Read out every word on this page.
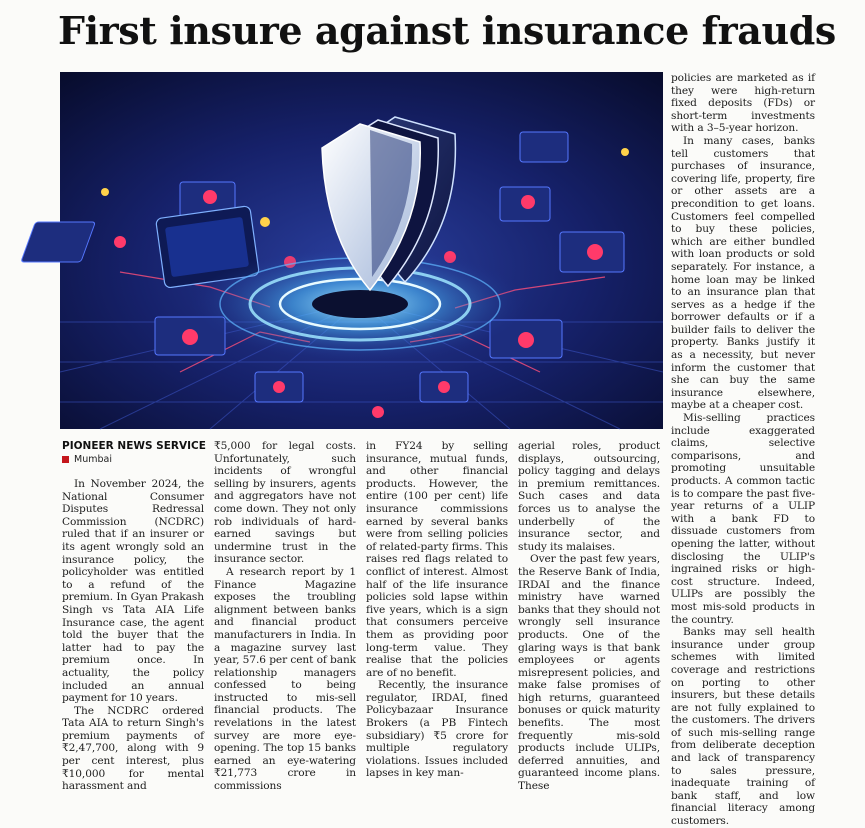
First insure against insurance frauds
PIONEER NEWS SERVICE
Mumbai

In November 2024, the National Consumer Disputes Redressal Commission (NCDRC) ruled that if an insurer or its agent wrongly sold an insurance policy, the policyholder was entitled to a refund of the premium. In Gyan Prakash Singh vs Tata AIA Life Insurance case, the agent told the buyer that the latter had to pay the premium once. In actuality, the policy included an annual payment for 10 years.

The NCDRC ordered Tata AIA to return Singh's premium payments of ₹2,47,700, along with 9 per cent interest, plus ₹10,000 for mental harassment and

₹5,000 for legal costs. Unfortunately, such incidents of wrongful selling by insurers, agents and aggregators have not come down. They not only rob individuals of hard-earned savings but undermine trust in the insurance sector.

A research report by 1 Finance Magazine exposes the troubling alignment between banks and financial product manufacturers in India. In a magazine survey last year, 57.6 per cent of bank relationship managers confessed to being instructed to mis-sell financial products. The revelations in the latest survey are more eye-opening. The top 15 banks earned an eye-watering ₹21,773 crore in commissions

in FY24 by selling insurance, mutual funds, and other financial products. However, the entire (100 per cent) life insurance commissions earned by several banks were from selling policies of related-party firms. This raises red flags related to conflict of interest. Almost half of the life insurance policies sold lapse within five years, which is a sign that consumers perceive them as providing poor long-term value. They realise that the policies are of no benefit.

Recently, the insurance regulator, IRDAI, fined Policybazaar Insurance Brokers (a PB Fintech subsidiary) ₹5 crore for multiple regulatory violations. Issues included lapses in key man-

agerial roles, product displays, outsourcing, policy tagging and delays in premium remittances. Such cases and data forces us to analyse the underbelly of the insurance sector, and study its malaises.

Over the past few years, the Reserve Bank of India, IRDAI and the finance ministry have warned banks that they should not wrongly sell insurance products. One of the glaring ways is that bank employees or agents misrepresent policies, and make false promises of high returns, guaranteed bonuses or quick maturity benefits. The most frequently mis-sold products include ULIPs, deferred annuities, and guaranteed income plans. These

policies are marketed as if they were high-return fixed deposits (FDs) or short-term investments with a 3–5-year horizon.

In many cases, banks tell customers that purchases of insurance, covering life, property, fire or other assets are a precondition to get loans. Customers feel compelled to buy these policies, which are either bundled with loan products or sold separately. For instance, a home loan may be linked to an insurance plan that serves as a hedge if the borrower defaults or if a builder fails to deliver the property. Banks justify it as a necessity, but never inform the customer that she can buy the same insurance elsewhere, maybe at a cheaper cost.

Mis-selling practices include exaggerated claims, selective comparisons, and promoting unsuitable products. A common tactic is to compare the past five-year returns of a ULIP with a bank FD to dissuade customers from opening the latter, without disclosing the ULIP's ingrained risks or high-cost structure. Indeed, ULIPs are possibly the most mis-sold products in the country.

Banks may sell health insurance under group schemes with limited coverage and restrictions on porting to other insurers, but these details are not fully explained to the customers. The drivers of such mis-selling range from deliberate deception and lack of transparency to sales pressure, inadequate training of bank staff, and low financial literacy among customers.
